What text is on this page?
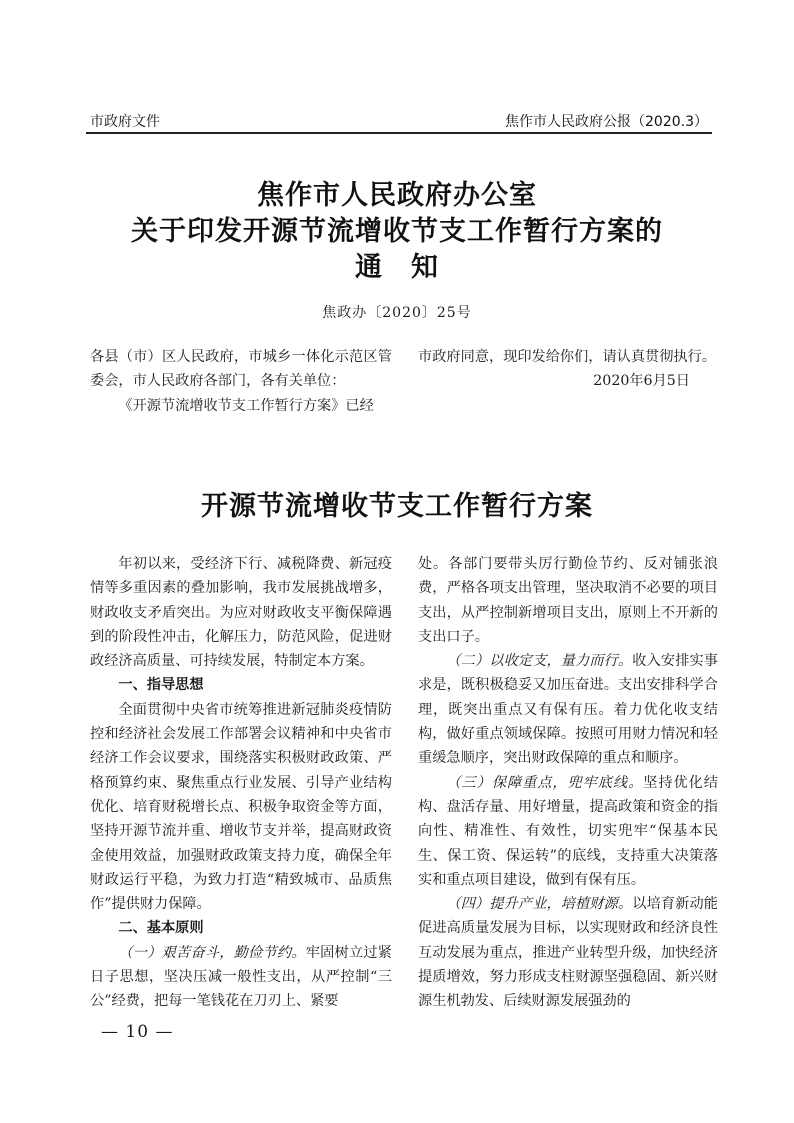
市政府文件	焦作市人民政府公报（2020.3）
焦作市人民政府办公室
关于印发开源节流增收节支工作暂行方案的
通　知
焦政办〔2020〕25号

各县（市）区人民政府，市城乡一体化示范区管委会，市人民政府各部门，各有关单位：

《开源节流增收节支工作暂行方案》已经

市政府同意，现印发给你们，请认真贯彻执行。

2020年6月5日

开源节流增收节支工作暂行方案

年初以来，受经济下行、减税降费、新冠疫情等多重因素的叠加影响，我市发展挑战增多，财政收支矛盾突出。为应对财政收支平衡保障遇到的阶段性冲击，化解压力，防范风险，促进财政经济高质量、可持续发展，特制定本方案。

一、指导思想

全面贯彻中央省市统筹推进新冠肺炎疫情防控和经济社会发展工作部署会议精神和中央省市经济工作会议要求，围绕落实积极财政政策、严格预算约束、聚焦重点行业发展、引导产业结构优化、培育财税增长点、积极争取资金等方面，坚持开源节流并重、增收节支并举，提高财政资金使用效益，加强财政政策支持力度，确保全年财政运行平稳，为致力打造“精致城市、品质焦作”提供财力保障。

二、基本原则

（一）艰苦奋斗，勤俭节约。牢固树立过紧日子思想，坚决压减一般性支出，从严控制“三公”经费，把每一笔钱花在刀刃上、紧要

处。各部门要带头厉行勤俭节约、反对铺张浪费，严格各项支出管理，坚决取消不必要的项目支出，从严控制新增项目支出，原则上不开新的支出口子。

（二）以收定支，量力而行。收入安排实事求是，既积极稳妥又加压奋进。支出安排科学合理，既突出重点又有保有压。着力优化收支结构，做好重点领域保障。按照可用财力情况和轻重缓急顺序，突出财政保障的重点和顺序。

（三）保障重点，兜牢底线。坚持优化结构、盘活存量、用好增量，提高政策和资金的指向性、精准性、有效性，切实兜牢“保基本民生、保工资、保运转”的底线，支持重大决策落实和重点项目建设，做到有保有压。

（四）提升产业，培植财源。以培育新动能促进高质量发展为目标，以实现财政和经济良性互动发展为重点，推进产业转型升级，加快经济提质增效，努力形成支柱财源坚强稳固、新兴财源生机勃发、后续财源发展强劲的

— 10 —
